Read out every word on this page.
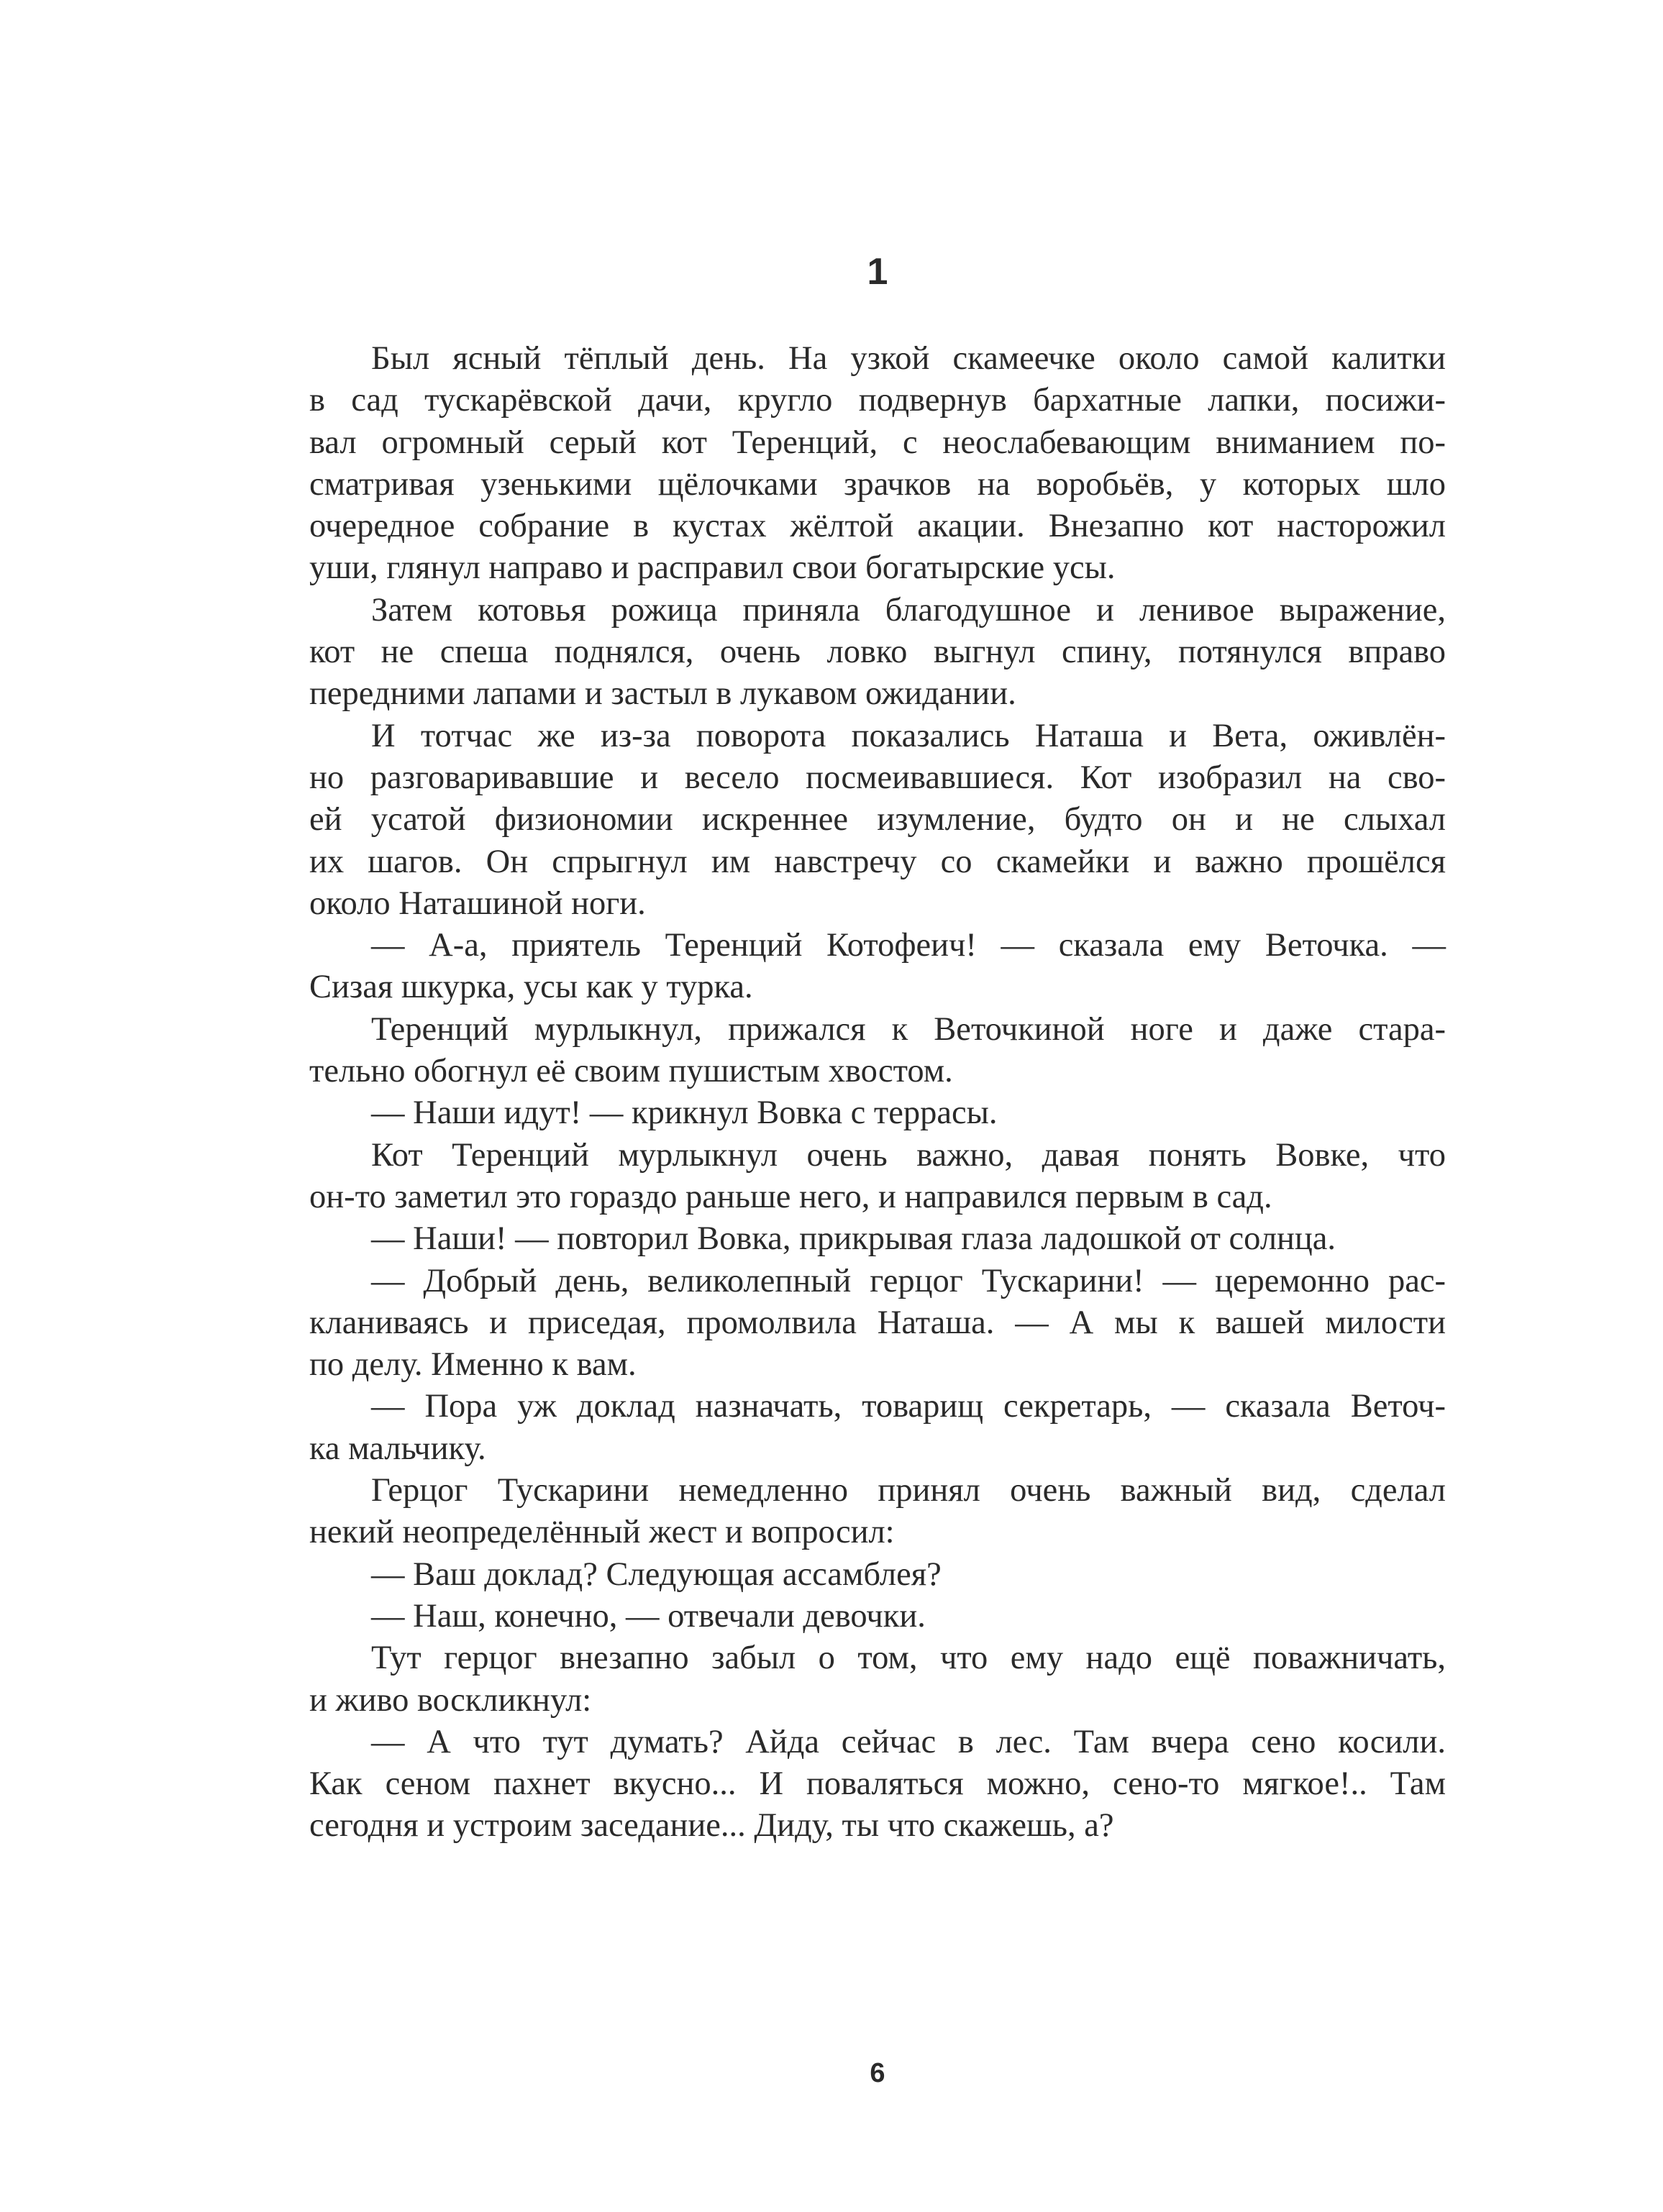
1
Был ясный тёплый день. На узкой скамеечке около самой калитки
в сад тускарёвской дачи, кругло подвернув бархатные лапки, посижи-
вал огромный серый кот Теренций, с неослабевающим вниманием по-
сматривая узенькими щёлочками зрачков на воробьёв, у которых шло
очередное собрание в кустах жёлтой акации. Внезапно кот насторожил
уши, глянул направо и расправил свои богатырские усы.
Затем котовья рожица приняла благодушное и ленивое выражение,
кот не спеша поднялся, очень ловко выгнул спину, потянулся вправо
передними лапами и застыл в лукавом ожидании.
И тотчас же из-за поворота показались Наташа и Вета, оживлён-
но разговаривавшие и весело посмеивавшиеся. Кот изобразил на сво-
ей усатой физиономии искреннее изумление, будто он и не слыхал
их шагов. Он спрыгнул им навстречу со скамейки и важно прошёлся
около Наташиной ноги.
— А-а, приятель Теренций Котофеич! — сказала ему Веточка. —
Сизая шкурка, усы как у турка.
Теренций мурлыкнул, прижался к Веточкиной ноге и даже стара-
тельно обогнул её своим пушистым хвостом.
— Наши идут! — крикнул Вовка с террасы.
Кот Теренций мурлыкнул очень важно, давая понять Вовке, что
он-то заметил это гораздо раньше него, и направился первым в сад.
— Наши! — повторил Вовка, прикрывая глаза ладошкой от солнца.
— Добрый день, великолепный герцог Тускарини! — церемонно рас-
кланиваясь и приседая, промолвила Наташа. — А мы к вашей милости
по делу. Именно к вам.
— Пора уж доклад назначать, товарищ секретарь, — сказала Веточ-
ка мальчику.
Герцог Тускарини немедленно принял очень важный вид, сделал
некий неопределённый жест и вопросил:
— Ваш доклад? Следующая ассамблея?
— Наш, конечно, — отвечали девочки.
Тут герцог внезапно забыл о том, что ему надо ещё поважничать,
и живо воскликнул:
— А что тут думать? Айда сейчас в лес. Там вчера сено косили.
Как сеном пахнет вкусно... И поваляться можно, сено-то мягкое!.. Там
сегодня и устроим заседание... Диду, ты что скажешь, а?
6
